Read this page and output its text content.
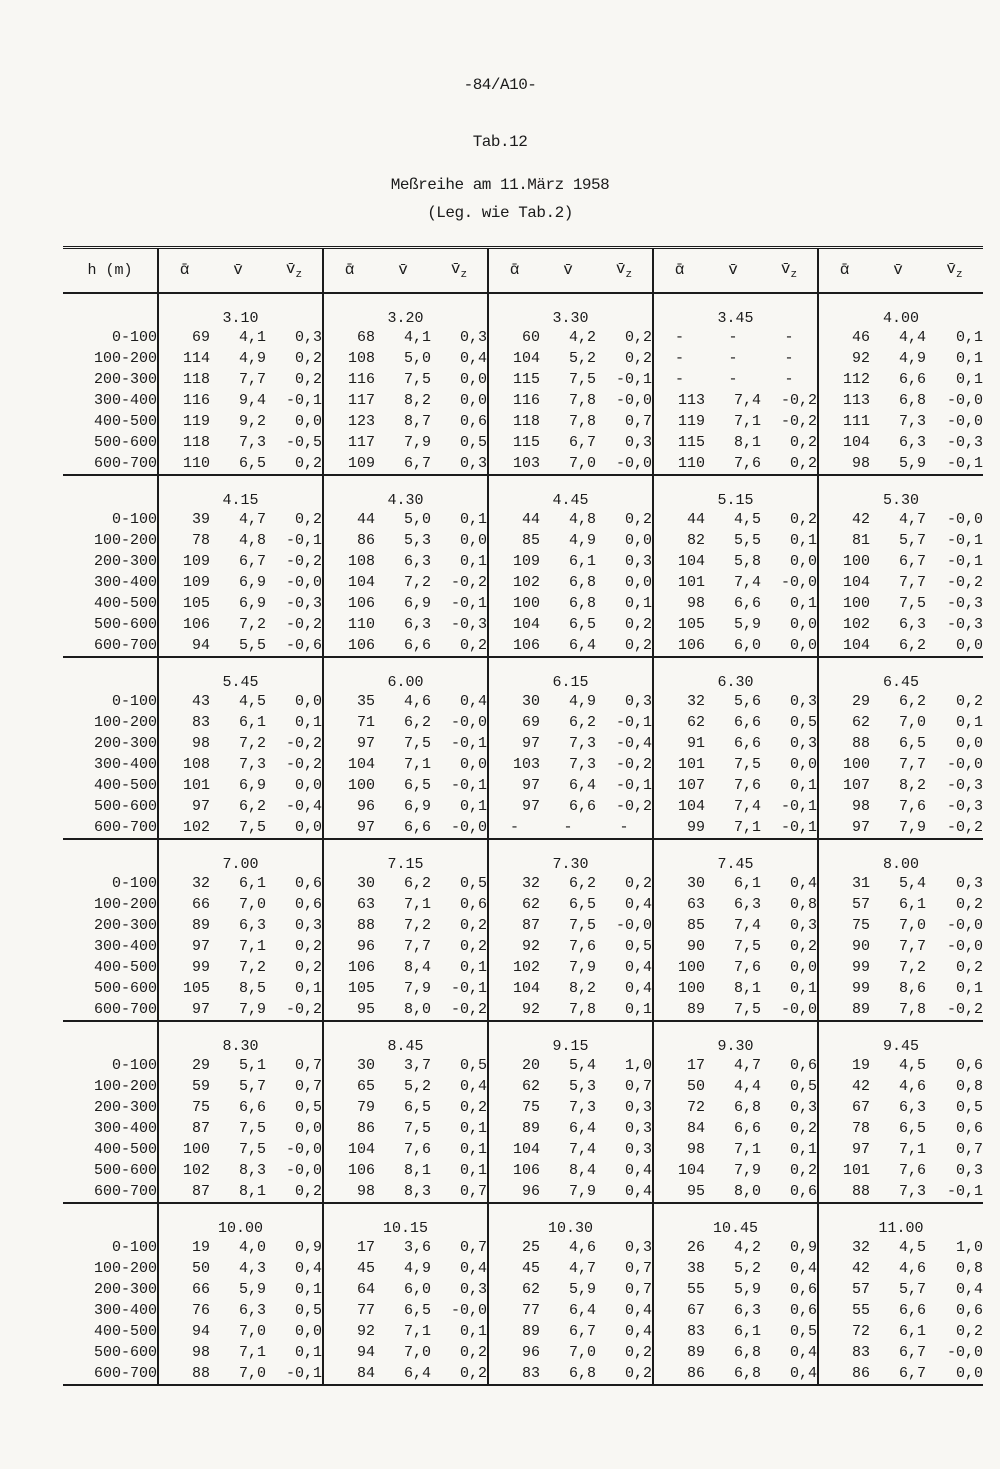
-84/A10-
Tab.12
Meßreihe am 11.März 1958
(Leg. wie Tab.2)
h (m)	ᾱ	v̄	$v̄_z$	ᾱ	v̄	$v̄_z$	ᾱ	v̄	$v̄_z$	ᾱ	v̄	$v̄_z$	ᾱ	v̄	$v̄_z$
	3.10			3.20			3.30			3.45			4.00		
0-100	69	4,1	0,3	68	4,1	0,3	60	4,2	0,2	-	-	-	46	4,4	0,1
100-200	114	4,9	0,2	108	5,0	0,4	104	5,2	0,2	-	-	-	92	4,9	0,1
200-300	118	7,7	0,2	116	7,5	0,0	115	7,5	-0,1	-	-	-	112	6,6	0,1
300-400	116	9,4	-0,1	117	8,2	0,0	116	7,8	-0,0	113	7,4	-0,2	113	6,8	-0,0
400-500	119	9,2	0,0	123	8,7	0,6	118	7,8	0,7	119	7,1	-0,2	111	7,3	-0,0
500-600	118	7,3	-0,5	117	7,9	0,5	115	6,7	0,3	115	8,1	0,2	104	6,3	-0,3
600-700	110	6,5	0,2	109	6,7	0,3	103	7,0	-0,0	110	7,6	0,2	98	5,9	-0,1
	4.15			4.30			4.45			5.15			5.30		
0-100	39	4,7	0,2	44	5,0	0,1	44	4,8	0,2	44	4,5	0,2	42	4,7	-0,0
100-200	78	4,8	-0,1	86	5,3	0,0	85	4,9	0,0	82	5,5	0,1	81	5,7	-0,1
200-300	109	6,7	-0,2	108	6,3	0,1	109	6,1	0,3	104	5,8	0,0	100	6,7	-0,1
300-400	109	6,9	-0,0	104	7,2	-0,2	102	6,8	0,0	101	7,4	-0,0	104	7,7	-0,2
400-500	105	6,9	-0,3	106	6,9	-0,1	100	6,8	0,1	98	6,6	0,1	100	7,5	-0,3
500-600	106	7,2	-0,2	110	6,3	-0,3	104	6,5	0,2	105	5,9	0,0	102	6,3	-0,3
600-700	94	5,5	-0,6	106	6,6	0,2	106	6,4	0,2	106	6,0	0,0	104	6,2	0,0
	5.45			6.00			6.15			6.30			6.45		
0-100	43	4,5	0,0	35	4,6	0,4	30	4,9	0,3	32	5,6	0,3	29	6,2	0,2
100-200	83	6,1	0,1	71	6,2	-0,0	69	6,2	-0,1	62	6,6	0,5	62	7,0	0,1
200-300	98	7,2	-0,2	97	7,5	-0,1	97	7,3	-0,4	91	6,6	0,3	88	6,5	0,0
300-400	108	7,3	-0,2	104	7,1	0,0	103	7,3	-0,2	101	7,5	0,0	100	7,7	-0,0
400-500	101	6,9	0,0	100	6,5	-0,1	97	6,4	-0,1	107	7,6	0,1	107	8,2	-0,3
500-600	97	6,2	-0,4	96	6,9	0,1	97	6,6	-0,2	104	7,4	-0,1	98	7,6	-0,3
600-700	102	7,5	0,0	97	6,6	-0,0	-	-	-	99	7,1	-0,1	97	7,9	-0,2
	7.00			7.15			7.30			7.45			8.00		
0-100	32	6,1	0,6	30	6,2	0,5	32	6,2	0,2	30	6,1	0,4	31	5,4	0,3
100-200	66	7,0	0,6	63	7,1	0,6	62	6,5	0,4	63	6,3	0,8	57	6,1	0,2
200-300	89	6,3	0,3	88	7,2	0,2	87	7,5	-0,0	85	7,4	0,3	75	7,0	-0,0
300-400	97	7,1	0,2	96	7,7	0,2	92	7,6	0,5	90	7,5	0,2	90	7,7	-0,0
400-500	99	7,2	0,2	106	8,4	0,1	102	7,9	0,4	100	7,6	0,0	99	7,2	0,2
500-600	105	8,5	0,1	105	7,9	-0,1	104	8,2	0,4	100	8,1	0,1	99	8,6	0,1
600-700	97	7,9	-0,2	95	8,0	-0,2	92	7,8	0,1	89	7,5	-0,0	89	7,8	-0,2
	8.30			8.45			9.15			9.30			9.45		
0-100	29	5,1	0,7	30	3,7	0,5	20	5,4	1,0	17	4,7	0,6	19	4,5	0,6
100-200	59	5,7	0,7	65	5,2	0,4	62	5,3	0,7	50	4,4	0,5	42	4,6	0,8
200-300	75	6,6	0,5	79	6,5	0,2	75	7,3	0,3	72	6,8	0,3	67	6,3	0,5
300-400	87	7,5	0,0	86	7,5	0,1	89	6,4	0,3	84	6,6	0,2	78	6,5	0,6
400-500	100	7,5	-0,0	104	7,6	0,1	104	7,4	0,3	98	7,1	0,1	97	7,1	0,7
500-600	102	8,3	-0,0	106	8,1	0,1	106	8,4	0,4	104	7,9	0,2	101	7,6	0,3
600-700	87	8,1	0,2	98	8,3	0,7	96	7,9	0,4	95	8,0	0,6	88	7,3	-0,1
	10.00			10.15			10.30			10.45			11.00		
0-100	19	4,0	0,9	17	3,6	0,7	25	4,6	0,3	26	4,2	0,9	32	4,5	1,0
100-200	50	4,3	0,4	45	4,9	0,4	45	4,7	0,7	38	5,2	0,4	42	4,6	0,8
200-300	66	5,9	0,1	64	6,0	0,3	62	5,9	0,7	55	5,9	0,6	57	5,7	0,4
300-400	76	6,3	0,5	77	6,5	-0,0	77	6,4	0,4	67	6,3	0,6	55	6,6	0,6
400-500	94	7,0	0,0	92	7,1	0,1	89	6,7	0,4	83	6,1	0,5	72	6,1	0,2
500-600	98	7,1	0,1	94	7,0	0,2	96	7,0	0,2	89	6,8	0,4	83	6,7	-0,0
600-700	88	7,0	-0,1	84	6,4	0,2	83	6,8	0,2	86	6,8	0,4	86	6,7	0,0
